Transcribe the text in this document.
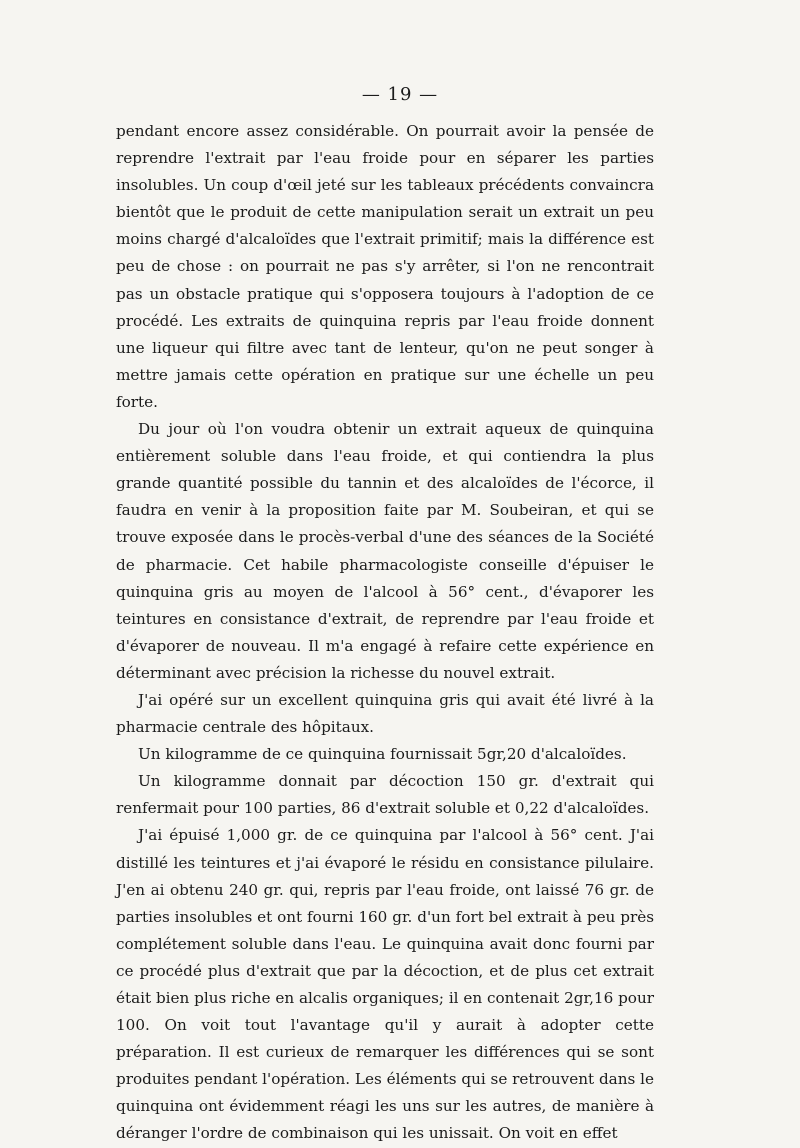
— 19 —

pendant encore assez considérable. On pourrait avoir la pensée de reprendre l'extrait par l'eau froide pour en séparer les parties insolubles. Un coup d'œil jeté sur les tableaux précédents convaincra bientôt que le produit de cette manipulation serait un extrait un peu moins chargé d'alcaloïdes que l'extrait primitif; mais la différence est peu de chose : on pourrait ne pas s'y arrêter, si l'on ne rencontrait pas un obstacle pratique qui s'opposera toujours à l'adoption de ce procédé. Les extraits de quinquina repris par l'eau froide donnent une liqueur qui filtre avec tant de lenteur, qu'on ne peut songer à mettre jamais cette opération en pratique sur une échelle un peu forte.

Du jour où l'on voudra obtenir un extrait aqueux de quinquina entièrement soluble dans l'eau froide, et qui contiendra la plus grande quantité possible du tannin et des alcaloïdes de l'écorce, il faudra en venir à la proposition faite par M. Soubeiran, et qui se trouve exposée dans le procès-verbal d'une des séances de la Société de pharmacie. Cet habile pharmacologiste conseille d'épuiser le quinquina gris au moyen de l'alcool à 56° cent., d'évaporer les teintures en consistance d'extrait, de reprendre par l'eau froide et d'évaporer de nouveau. Il m'a engagé à refaire cette expérience en déterminant avec précision la richesse du nouvel extrait.

J'ai opéré sur un excellent quinquina gris qui avait été livré à la pharmacie centrale des hôpitaux.

Un kilogramme de ce quinquina fournissait 5gr,20 d'alcaloïdes.

Un kilogramme donnait par décoction 150 gr. d'extrait qui renfermait pour 100 parties, 86 d'extrait soluble et 0,22 d'alcaloïdes.

J'ai épuisé 1,000 gr. de ce quinquina par l'alcool à 56° cent. J'ai distillé les teintures et j'ai évaporé le résidu en consistance pilulaire. J'en ai obtenu 240 gr. qui, repris par l'eau froide, ont laissé 76 gr. de parties insolubles et ont fourni 160 gr. d'un fort bel extrait à peu près complétement soluble dans l'eau. Le quinquina avait donc fourni par ce procédé plus d'extrait que par la décoction, et de plus cet extrait était bien plus riche en alcalis organiques; il en contenait 2gr,16 pour 100. On voit tout l'avantage qu'il y aurait à adopter cette préparation. Il est curieux de remarquer les différences qui se sont produites pendant l'opération. Les éléments qui se retrouvent dans le quinquina ont évidemment réagi les uns sur les autres, de manière à déranger l'ordre de combinaison qui les unissait. On voit en effet
